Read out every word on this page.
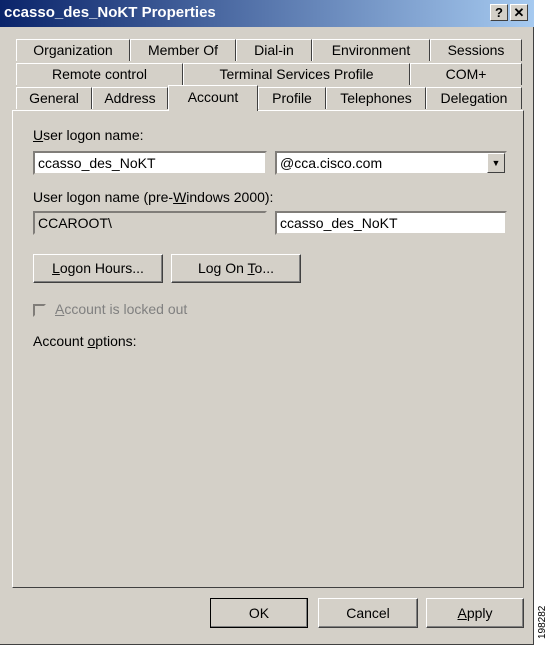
ccasso_des_NoKT Properties	? ✕
Organization	Member Of	Dial-in	Environment	Sessions
Remote control	Terminal Services Profile	COM+
General	Address	Account	Profile	Telephones	Delegation
User logon name:
ccasso_des_NoKT	@cca.cisco.com	▼
User logon name (pre-Windows 2000):
CCAROOT\	ccasso_des_NoKT
Logon Hours...	Log On To...
Account is locked out
Account options:
OK	Cancel	Apply	198282
